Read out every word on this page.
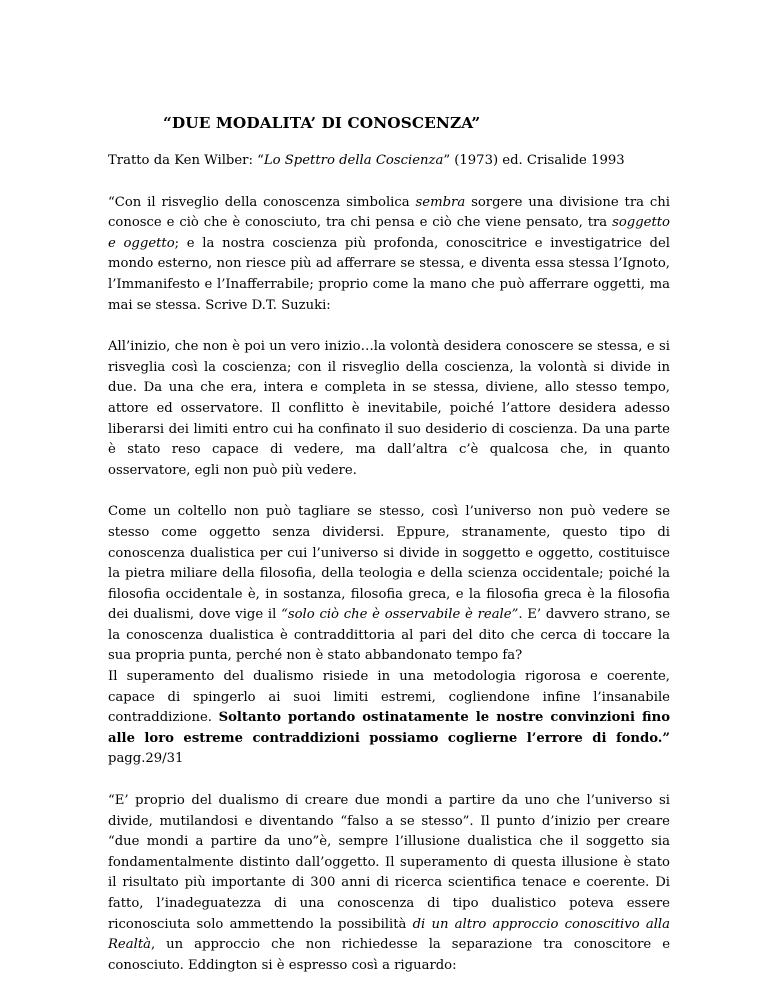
“DUE MODALITA’ DI CONOSCENZA”

Tratto da Ken Wilber: “Lo Spettro della Coscienza” (1973) ed. Crisalide 1993

“Con il risveglio della conoscenza simbolica sembra sorgere una divisione tra chi conosce e ciò che è conosciuto, tra chi pensa e ciò che viene pensato, tra soggetto e oggetto; e la nostra coscienza più profonda, conoscitrice e investigatrice del mondo esterno, non riesce più ad afferrare se stessa, e diventa essa stessa l’Ignoto, l’Immanifesto e l’Inafferrabile; proprio come la mano che può afferrare oggetti, ma mai se stessa. Scrive D.T. Suzuki:

All’inizio, che non è poi un vero inizio…la volontà desidera conoscere se stessa, e si risveglia così la coscienza; con il risveglio della coscienza, la volontà si divide in due. Da una che era, intera e completa in se stessa, diviene, allo stesso tempo, attore ed osservatore. Il conflitto è inevitabile, poiché l’attore desidera adesso liberarsi dei limiti entro cui ha confinato il suo desiderio di coscienza. Da una parte è stato reso capace di vedere, ma dall’altra c’è qualcosa che, in quanto osservatore, egli non può più vedere.

Come un coltello non può tagliare se stesso, così l’universo non può vedere se stesso come oggetto senza dividersi. Eppure, stranamente, questo tipo di conoscenza dualistica per cui l’universo si divide in soggetto e oggetto, costituisce la pietra miliare della filosofia, della teologia e della scienza occidentale; poiché la filosofia occidentale è, in sostanza, filosofia greca, e la filosofia greca è la filosofia dei dualismi, dove vige il “solo ciò che è osservabile è reale”. E’ davvero strano, se la conoscenza dualistica è contraddittoria al pari del dito che cerca di toccare la sua propria punta, perché non è stato abbandonato tempo fa?

Il superamento del dualismo risiede in una metodologia rigorosa e coerente, capace di spingerlo ai suoi limiti estremi, cogliendone infine l’insanabile contraddizione. Soltanto portando ostinatamente le nostre convinzioni fino alle loro estreme contraddizioni possiamo coglierne l’errore di fondo.” pagg.29/31

“E’ proprio del dualismo di creare due mondi a partire da uno che l’universo si divide, mutilandosi e diventando “falso a se stesso”. Il punto d’inizio per creare “due mondi a partire da uno”è, sempre l’illusione dualistica che il soggetto sia fondamentalmente distinto dall’oggetto. Il superamento di questa illusione è stato il risultato più importante di 300 anni di ricerca scientifica tenace e coerente. Di fatto, l’inadeguatezza di una conoscenza di tipo dualistico poteva essere riconosciuta solo ammettendo la possibilità di un altro approccio conoscitivo alla Realtà, un approccio che non richiedesse la separazione tra conoscitore e conosciuto. Eddington si è espresso così a riguardo:
